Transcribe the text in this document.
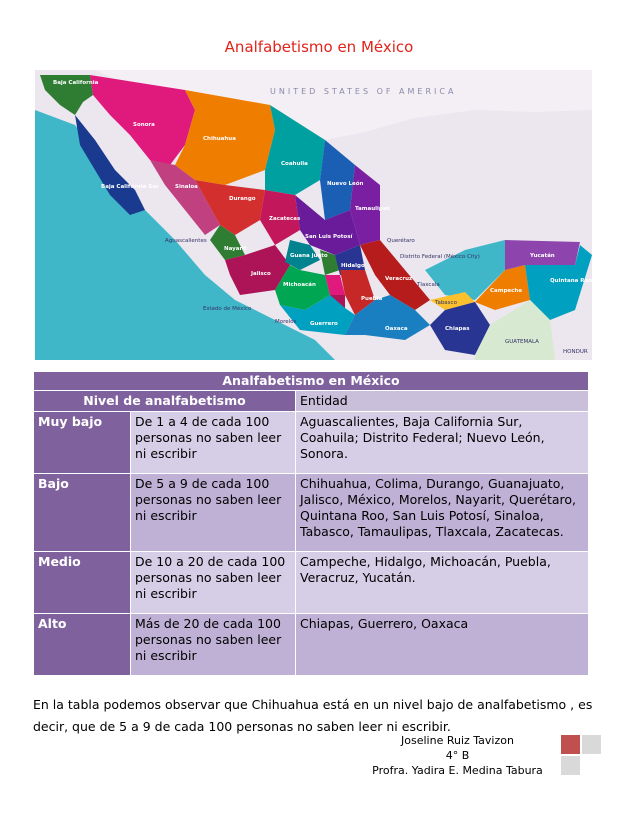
Analfabetismo en México
UNITED STATES OF AMERICA
Baja California
Sonora
Chihuahua
Coahuila
Nuevo León
Tamaulipas
Baja California Sur	Sinaloa
Durango
Zacatecas
San Luis Potosí
Nayarit
Jalisco
Guana juato
Hidalgo
Michoacán
Puebla
Guerrero
Oaxaca	Chiapas
Campeche
Yucatán
Quintana Roo
Veracruz
Aguascalientes	Querétaro
Distrito Federal (México City)
Tlaxcala
Tabasco
Estado de México
Morelos
GUATEMALA
HONDUR
Analfabetismo en México		
Nivel de analfabetismo		Entidad
Muy bajo	De 1 a 4 de cada 100 personas no saben leer ni escribir	Aguascalientes, Baja California Sur, Coahuila; Distrito Federal; Nuevo León, Sonora.
Bajo	De 5 a 9 de cada 100 personas no saben leer ni escribir	Chihuahua, Colima, Durango, Guanajuato, Jalisco, México, Morelos, Nayarit, Querétaro, Quintana Roo, San Luis Potosí, Sinaloa, Tabasco, Tamaulipas, Tlaxcala, Zacatecas.
Medio	De 10 a 20 de cada 100 personas no saben leer ni escribir	Campeche, Hidalgo, Michoacán, Puebla, Veracruz, Yucatán.
Alto	Más de 20 de cada 100 personas no saben leer ni escribir	Chiapas, Guerrero, Oaxaca
En la tabla podemos observar que Chihuahua está en un nivel bajo de analfabetismo , es decir, que de 5 a 9 de cada 100 personas no saben leer ni escribir.
Joseline Ruiz Tavizon
4° B
Profra. Yadira E. Medina Tabura
